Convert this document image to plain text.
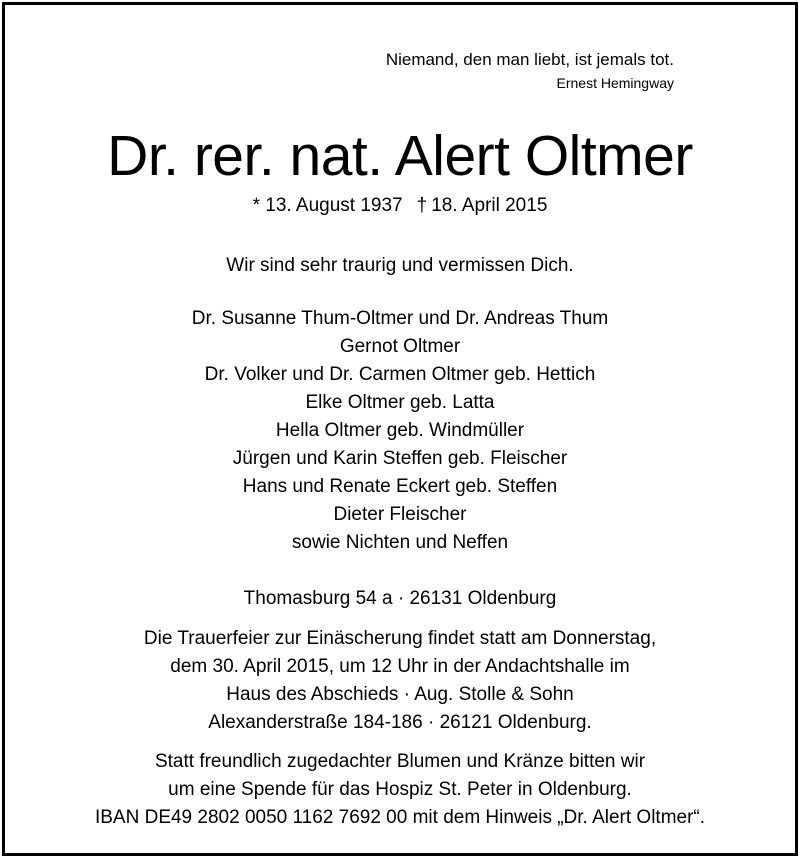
Niemand, den man liebt, ist jemals tot.
Ernest Hemingway
Dr. rer. nat. Alert Oltmer
* 13. August 1937 † 18. April 2015

Wir sind sehr traurig und vermissen Dich.

Dr. Susanne Thum-Oltmer und Dr. Andreas Thum

Gernot Oltmer

Dr. Volker und Dr. Carmen Oltmer geb. Hettich

Elke Oltmer geb. Latta

Hella Oltmer geb. Windmüller

Jürgen und Karin Steffen geb. Fleischer

Hans und Renate Eckert geb. Steffen

Dieter Fleischer

sowie Nichten und Neffen

Thomasburg 54 a · 26131 Oldenburg

Die Trauerfeier zur Einäscherung findet statt am Donnerstag,

dem 30. April 2015, um 12 Uhr in der Andachtshalle im

Haus des Abschieds · Aug. Stolle & Sohn

Alexanderstraße 184-186 · 26121 Oldenburg.

Statt freundlich zugedachter Blumen und Kränze bitten wir

um eine Spende für das Hospiz St. Peter in Oldenburg.

IBAN DE49 2802 0050 1162 7692 00 mit dem Hinweis „Dr. Alert Oltmer“.
